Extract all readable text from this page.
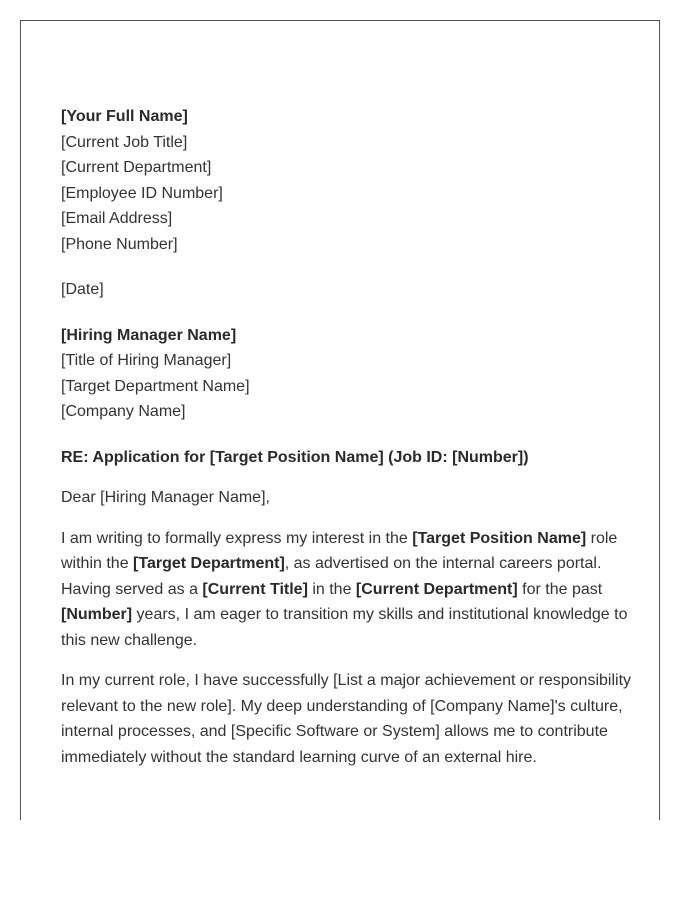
[Your Full Name]
[Current Job Title]
[Current Department]
[Employee ID Number]
[Email Address]
[Phone Number]
[Date]
[Hiring Manager Name]
[Title of Hiring Manager]
[Target Department Name]
[Company Name]
RE: Application for [Target Position Name] (Job ID: [Number])
Dear [Hiring Manager Name],

I am writing to formally express my interest in the [Target Position Name] role within the [Target Department], as advertised on the internal careers portal. Having served as a [Current Title] in the [Current Department] for the past [Number] years, I am eager to transition my skills and institutional knowledge to this new challenge.

In my current role, I have successfully [List a major achievement or responsibility relevant to the new role]. My deep understanding of [Company Name]'s culture, internal processes, and [Specific Software or System] allows me to contribute immediately without the standard learning curve of an external hire.
